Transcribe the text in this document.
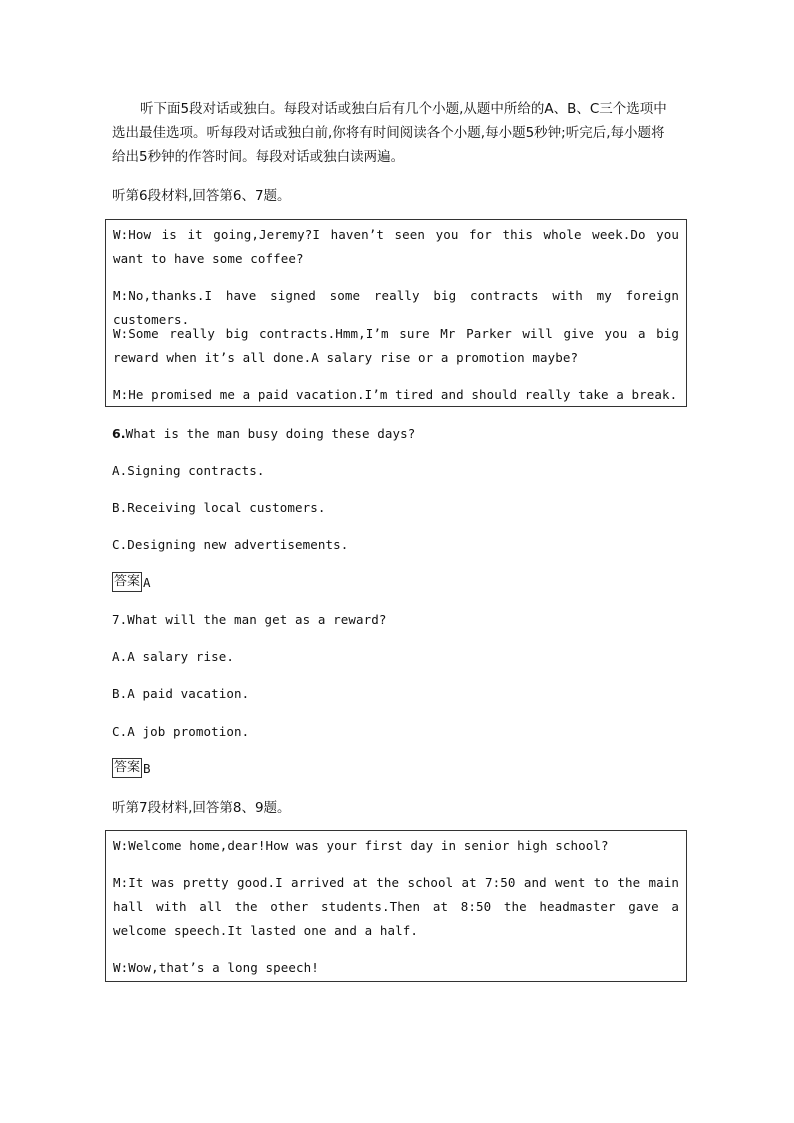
听下面5段对话或独白。每段对话或独白后有几个小题,从题中所给的A、B、C三个选项中选出最佳选项。听每段对话或独白前,你将有时间阅读各个小题,每小题5秒钟;听完后,每小题将给出5秒钟的作答时间。每段对话或独白读两遍。
听第6段材料,回答第6、7题。
W:How is it going,Jeremy?I haven’t seen you for this whole week.Do you want to have some coffee?
M:No,thanks.I have signed some really big contracts with my foreign customers.
W:Some really big contracts.Hmm,I’m sure Mr Parker will give you a big reward when it’s all done.A salary rise or a promotion maybe?
M:He promised me a paid vacation.I’m tired and should really take a break.
6.What is the man busy doing these days?
A.Signing contracts.
B.Receiving local customers.
C.Designing new advertisements.
答案 A
7.What will the man get as a reward?
A.A salary rise.
B.A paid vacation.
C.A job promotion.
答案 B
听第7段材料,回答第8、9题。
W:Welcome home,dear!How was your first day in senior high school?
M:It was pretty good.I arrived at the school at 7:50 and went to the main hall with all the other students.Then at 8:50 the headmaster gave a welcome speech.It lasted one and a half.
W:Wow,that’s a long speech!
